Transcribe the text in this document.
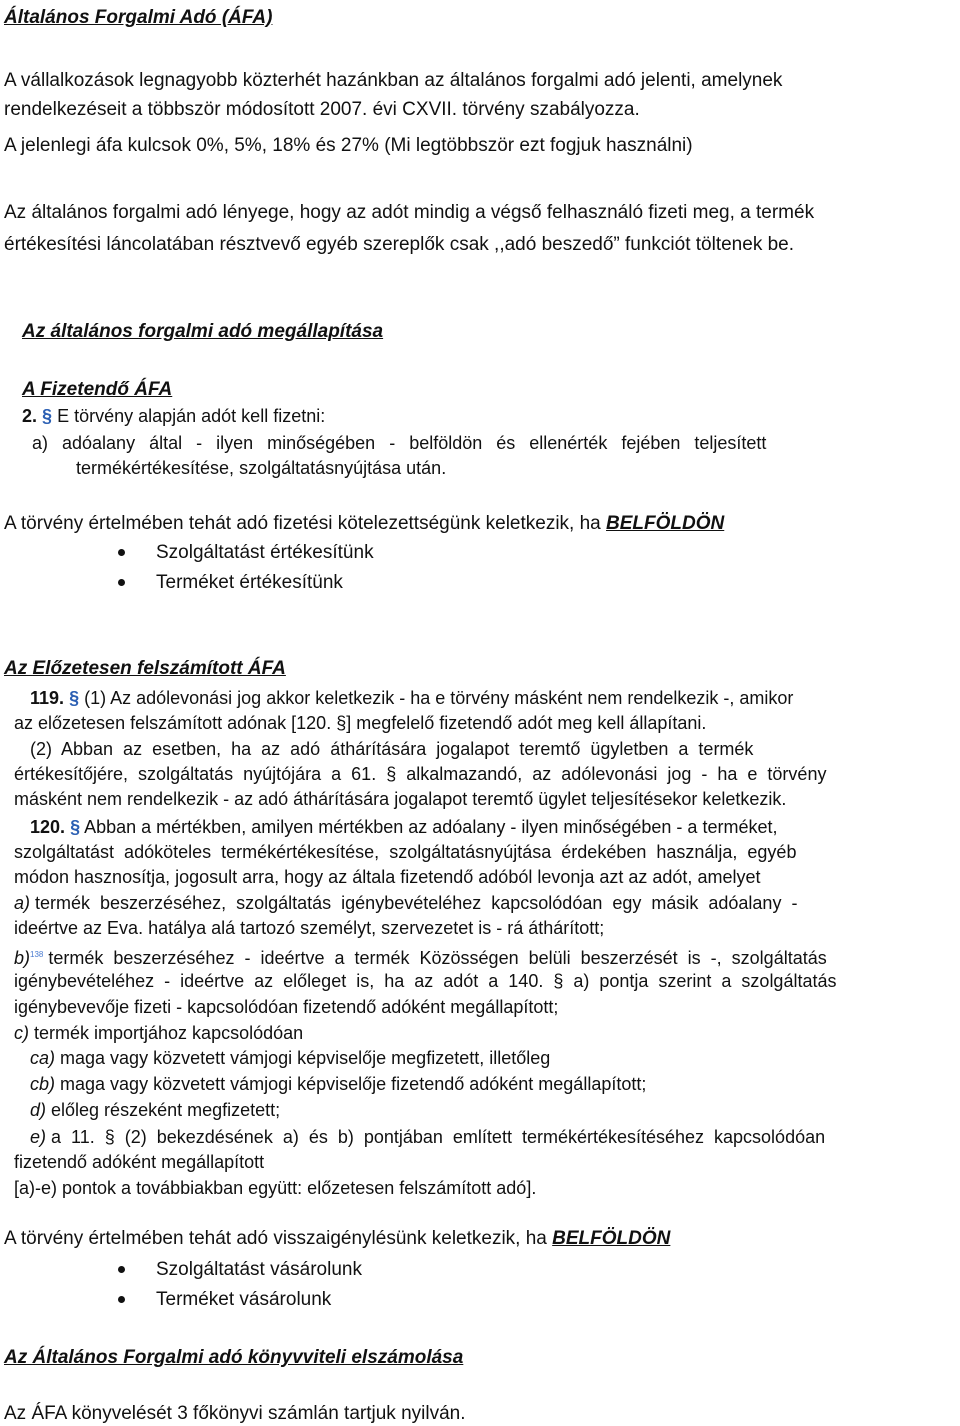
Általános Forgalmi Adó (ÁFA)
A vállalkozások legnagyobb közterhét hazánkban az általános forgalmi adó jelenti, amelynek
rendelkezéseit a többször módosított 2007. évi CXVII. törvény szabályozza.
A jelenlegi áfa kulcsok 0%, 5%, 18% és 27% (Mi legtöbbször ezt fogjuk használni)
Az általános forgalmi adó lényege, hogy az adót mindig a végső felhasználó fizeti meg, a termék
értékesítési láncolatában résztvevő egyéb szereplők csak ,,adó beszedő” funkciót töltenek be.
Az általános forgalmi adó megállapítása
A Fizetendő ÁFA
2. § E törvény alapján adót kell fizetni:
a)  adóalany  által  -  ilyen  minőségében  -  belföldön  és  ellenérték  fejében  teljesített
termékértékesítése, szolgáltatásnyújtása után.
A törvény értelmében tehát adó fizetési kötelezettségünk keletkezik, ha BELFÖLDÖN
Szolgáltatást értékesítünk
Terméket értékesítünk
Az Előzetesen felszámított ÁFA
119. § (1) Az adólevonási jog akkor keletkezik - ha e törvény másként nem rendelkezik -, amikor
az előzetesen felszámított adónak [120. §] megfelelő fizetendő adót meg kell állapítani.
(2)  Abban  az  esetben,  ha  az  adó  áthárítására  jogalapot  teremtő  ügyletben  a  termék
értékesítőjére,  szolgáltatás  nyújtójára  a  61.  §  alkalmazandó,  az  adólevonási  jog  -  ha  e  törvény
másként nem rendelkezik - az adó áthárítására jogalapot teremtő ügylet teljesítésekor keletkezik.
120. § Abban a mértékben, amilyen mértékben az adóalany - ilyen minőségében - a terméket,
szolgáltatást  adóköteles  termékértékesítése,  szolgáltatásnyújtása  érdekében  használja,  egyéb
módon hasznosítja, jogosult arra, hogy az általa fizetendő adóból levonja azt az adót, amelyet
a) termék  beszerzéséhez,  szolgáltatás  igénybevételéhez  kapcsolódóan  egy  másik  adóalany  -
ideértve az Eva. hatálya alá tartozó személyt, szervezetet is - rá áthárított;
b)$^{138}$ termék  beszerzéséhez  -  ideértve  a  termék  Közösségen  belüli  beszerzését  is  -,  szolgáltatás
igénybevételéhez  -  ideértve  az  előleget  is,  ha  az  adót  a  140.  §  a)  pontja  szerint  a  szolgáltatás
igénybevevője fizeti - kapcsolódóan fizetendő adóként megállapított;
c) termék importjához kapcsolódóan
ca) maga vagy közvetett vámjogi képviselője megfizetett, illetőleg
cb) maga vagy közvetett vámjogi képviselője fizetendő adóként megállapított;
d) előleg részeként megfizetett;
e) a  11.  §  (2)  bekezdésének  a)  és  b)  pontjában  említett  termékértékesítéséhez  kapcsolódóan
fizetendő adóként megállapított
[a)-e) pontok a továbbiakban együtt: előzetesen felszámított adó].
A törvény értelmében tehát adó visszaigénylésünk keletkezik, ha BELFÖLDÖN
Szolgáltatást vásárolunk
Terméket vásárolunk
Az Általános Forgalmi adó könyvviteli elszámolása
Az ÁFA könyvelését 3 főkönyvi számlán tartjuk nyilván.
